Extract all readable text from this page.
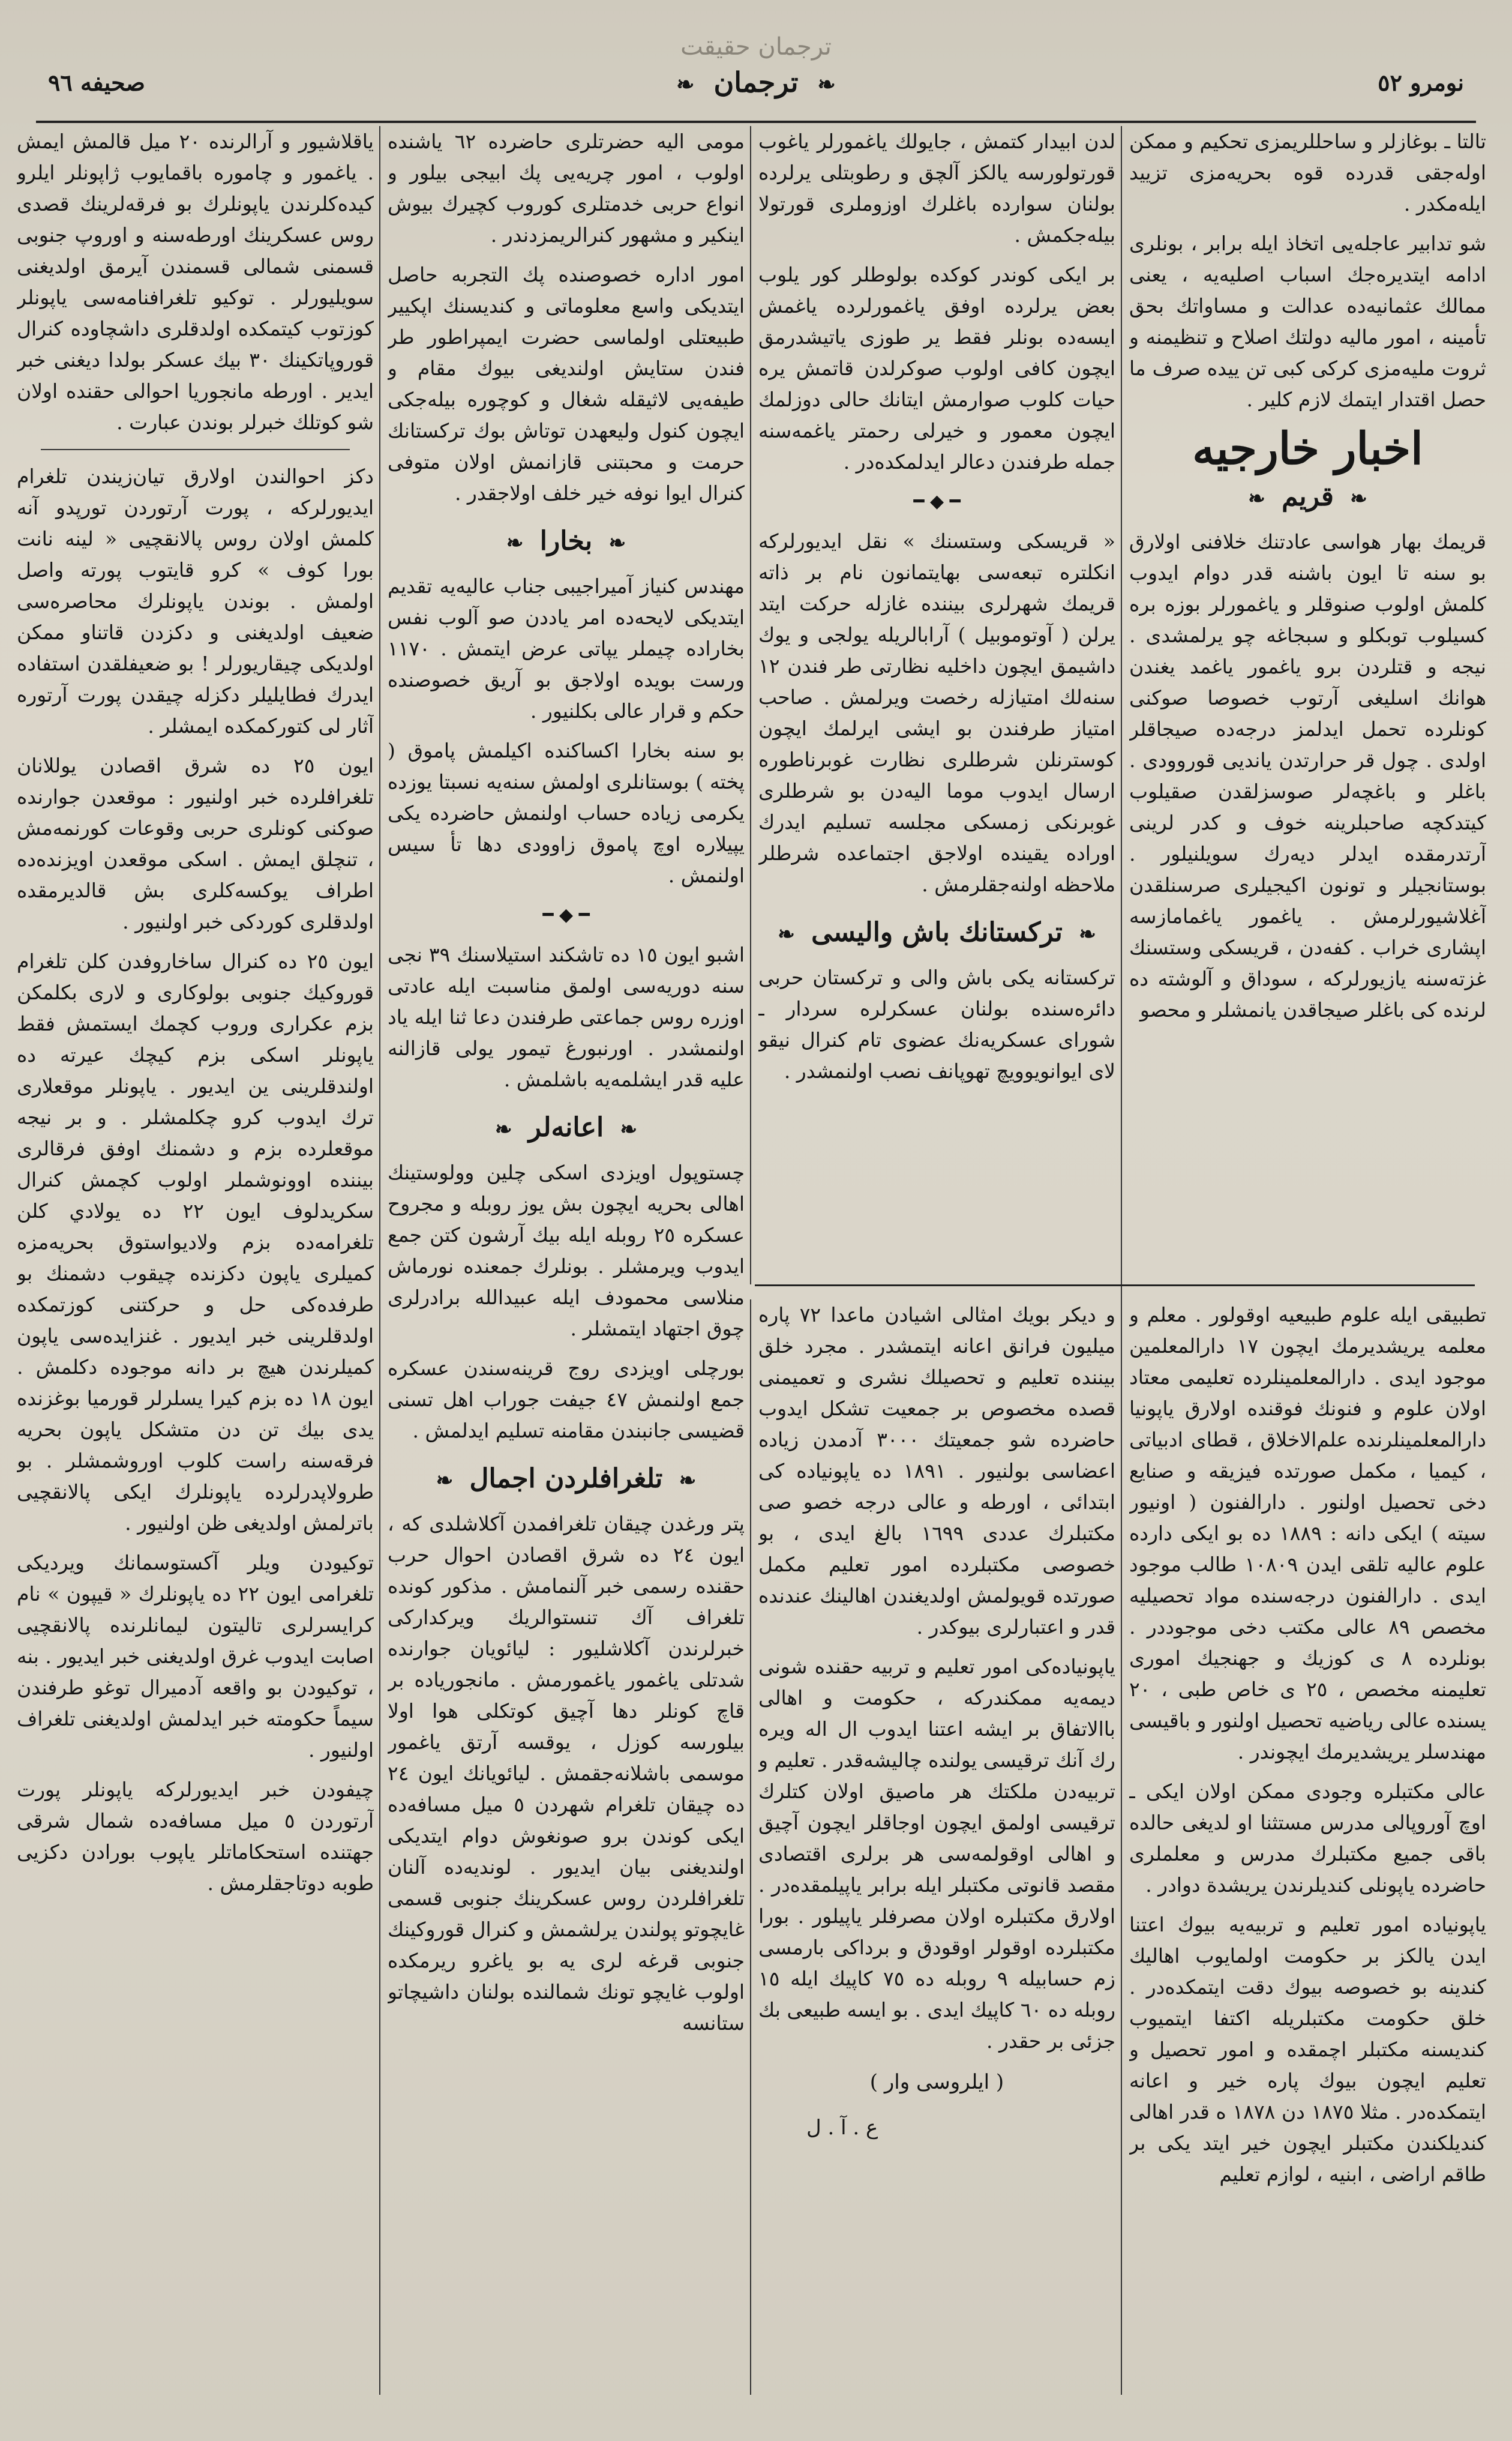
ترجمان حقيقت
نومرو ٥٢
❧ ترجمان ❧
صحيفه ٩٦

تالتا ـ بوغازلر و ساحللريمزى تحكيم و ممكن اوله‌جقى قدرده قوه بحريه‌مزى تزييد ايله‌مكدر .

شو تدابير عاجله‌يى اتخاذ ايله برابر ، بونلرى ادامه ايتديره‌جك اسباب اصليه‌يه ، يعنى ممالك عثمانيه‌ده عدالت و مساواتك بحق تأمينه ، امور ماليه دولتك اصلاح و تنظيمنه و ثروت مليه‌مزى كركى كبى تن‌ ييده صرف ما حصل اقتدار ايتمك لازم كلير .

اخبار خارجيه
❧ قريم ❧

قريمك بهار هواسى عادتنك خلافنى اولارق بو سنه تا ايون باشنه قدر دوام ايدوب كلمش اولوب صنوقلر و ياغمورلر بوزه بره كسيلوب توبكلو و سبجاغه چو‌ يرلمشدى . نيجه و قتلردن برو ياغمور ياغمد يغندن هوانك اسليغى آرتوب خصوصا صوكنى كونلرده تحمل ايدلمز درجه‌ده صيجاقلر اولدى . چول قر حرارتدن يانديى قوروودى . باغلر و باغچه‌لر صوسزلقدن صقيلوب كيتد‌كچه صاحبلرينه خوف و كدر‌ لرينى آرتدرمقده ايدلر ديه‌رك سويلنيلور . بوستانجيلر و تونون اكيجيلرى صرسنلقدن آغلاشيورلرمش . ياغمور ياغمامازسه اپشارى خراب . كفه‌دن ، قريسكى وستسنك غزته‌سنه يازيورلركه ، سوداق و آلوشته ده‌ لرنده كى باغلر صيجاقدن يانمشلر و محصو‌

تطبيقى ايله علوم طبيعيه اوقولور . معلم و معلمه يريشديرمك ايچون ١٧ دارالمعلمين موجود ايدى . دارالمعلمينلرده تعليمى معتاد اولان علوم و فنونك فوقنده اولارق ياپونيا دارالمعلمينلرنده علم‌الاخلاق ، قطاى ادبياتى ، كيميا ، مكمل صورتده فيزيقه و صنايع دخى تحصيل اولنور . دارالفنون ( اونيور سيته ) ايكى دانه : ١٨٨٩ ده بو ايكى دارده علوم عاليه تلقى ايدن ١٠٨٠٩ طالب موجود ايدى . دارالفنون درجه‌سنده مواد تحصيليه مخصص ٨٩ عالى مكتب دخى موجوددر . بونلرده ٨ ى كوزيك و جهنجيك امورى تعليمنه مخصص ، ٢٥ ى خاص طبى ، ٢٠ يسنده عالى رياضيه تحصيل اولنور و باقيسى مهندسلر يريشديرمك ايچوندر .

عالى مكتبلره وجودى ممكن اولان ايكى ـ اوچ آوروپالى مدرس مستثنا او‌ لديغى حالده باقى جميع مكتبلرك مدرس و معلملرى حاضرده ياپونلى كند‌يلرندن يريشدة دوادر .

ياپونياده امور تعليم و تربيه‌يه بيوك اعتنا ايدن يالكز بر حكومت اولمايوب اهاليك كندينه بو خصوصه بيوك دقت ايتمكده‌در . خلق حكومت مكتبلريله اكتفا ايتميوب كنديسنه مكتبلر اچمقده و امور تحصيل و تعليم ايچون بيوك پاره خير و اعانه ايتمكده‌در . مثلا ١٨٧٥ دن ١٨٧٨ ه قدر اهالى كنديلكندن مكتبلر ايچون خير ايتد‌ يكى بر طاقم اراضى ، ابنيه ، لوازم تعليم

لدن ابيدار كتمش ، جايولك ياغمورلر ياغوب قورتولورسه يالكز آلچق و رطوبتلى يرلرده بولنان سوارده باغلرك اوزوملرى قورتولا بيله‌جكمش .

بر ايكى كوندر كوكده بولوطلر كور‌ يلوب بعض يرلرده اوفق ياغمورلرده ياغمش ايسه‌ده بونلر فقط ير طوزى ياتيشدرمق ايچون كافى اولوب صوكرلدن قاتمش يره حيات كلوب صوارمش ايتانك حالى دوزلمك ايچون معمور و خيرلى رحمتر ياغمه‌سنه جمله طرفندن دعالر ايدلمكده‌در .

━ ◆ ━

« قريسكى وستسنك » نقل ايديورلركه انكلتره تبعه‌سى بهايتمانون نام بر ذاته قريمك شهرلرى بيننده غازله حركت ايتد‌ يرلن ( آوتوموبيل ) آرابالريله يولجى و يوك داشيمق ايچون داخليه نظارتى طر‌ فندن ١٢ سنه‌لك امتيازله رخصت ويرلمش . صاحب امتياز طرفندن بو ايشى ايرلمك ايچون كوسترنلن شرطلرى نظارت غوبرناطوره ارسال ايدوب موما اليه‌دن بو شرطلرى غوبرنكى زمسكى مجلسه تسليم ايدرك اوراده يقينده اولاجق اجتماعده شرطلر ملاحظه اولنه‌جقلرمش .

❧ تركستانك باش واليسى ❧

تركستانه يكى باش والى و تركستان حربى دائره‌سنده بولنان عسكرلره سردار ـ شوراى عسكريه‌نك عضوى تام كنرال نيقو‌ لاى ايوانويوويچ تهوپانف نصب اولنمشدر .

و ديكر بويك امثالى اشيادن ماعدا ٧٢ پاره ميليون فرانق اعانه ايتمشدر . مجرد خلق بيننده تعليم و تحصيلك نشرى و تعميمنى قصده مخصوص بر جمعيت تشكل ايدوب حاضرده شو جمعيتك ٣٠٠٠ آدمدن زياده اعضاسى بولنيور . ١٨٩١ ده ياپونياده كى ابتدائى ، اورطه و عالى درجه خصو‌ صى مكتبلرك عددى ١٦٩٩ بالغ ايدى ، بو خصوصى مكتبلرده امور تعليم مكمل صورتده قويولمش اولديغندن اهالينك عندنده قدر و اعتبارلرى بيوكدر .

ياپونياده‌كى امور تعليم و تربيه حقنده شونى ديمه‌يه ممكندركه ، حكومت و اهالى باالاتفاق بر ايشه اعتنا ايدوب ال اله ويره‌ رك آنك ترقيسى يولنده چاليشه‌قدر . تعليم و تربيه‌دن ملكتك هر ماصيق اولان كتلرك ترقيسى اولمق ايچون اوجاقلر ايچون آچيق و اهالى اوقولمه‌سى هر برلرى اقتصادى مقصد قانوتى مكتبلر ايله برابر ياپيلمقده‌در . اولارق مكتبلره اولان مصرفلر ياپيلور . بورا مكتبلرده اوقولر اوقودق و برداكى بارمسى زم حسابيله ٩ روبله ده ٧٥ كاپيك ايله ١٥ روبله ده ٦٠ كاپيك ايدى . بو ايسه طبيعى بك جزئى بر حقدر .

( ايلروسى وار )
ع . آ . ل

مومى اليه حضرتلرى حاضرده ٦٢ ياشنده اولوب ، امور چريه‌يى پك ابيجى بيلور و انواع حربى خدمتلرى كوروب كچيرك بيوش اينكير و مشهور كنرالريمزدندر .

امور اداره خصوصنده پك التجربه حاصل ايتديكى واسع معلوماتى و كنديسنك اپكيير طبيعتلى اولماسى حضرت ايمپراطور طر‌ فندن ستايش اولنديغى بيوك مقام و طيفه‌يى لاثيقله شغال و كوچوره بيله‌جكى ايچون كنول وليعهدن توتاش بوك تركستانك حرمت و محبتنى قازانمش اولان متوفى كنرال ايوا‌ نوفه خير خلف اولاجقدر .

❧ بخارا ❧

مهندس كنياز آميراجيبى جناب عاليه‌يه تقديم ايتديكى لايحه‌ده امر ياددن صو آلوب نفس بخاراده چيملر يپاتى عرض ايتمش . ١١٧٠ ورست بويده اولاجق بو آريق خصوصنده حكم و قرار عالى بكلنيور .

بو سنه بخارا اكساكنده اكيلمش پاموق ( پخته ) بوستانلرى اولمش سنه‌يه نسبتا يوزده يكرمى زياده حساب اولنمش حاضرده يكى يپيلاره اوچ پاموق زاوودى دها تأ‌ سيس اولنمش .

━ ◆ ━

اشبو ايون ١٥ ده تاشكند استيلاسنك ٣٩ نجى سنه دوريه‌سى اولمق مناسبت ايله عادتى اوزره روس جماعتى طرفندن دعا ثنا ايله ياد اولنمشدر . اورنبورغ تيمور يولى قازالنه عليه قدر ايشلمه‌يه باشلمش .

❧ اعانه‌لر ❧

چستوپول اويزدى اسكى چلين وولوستينك اهالى بحريه ايچون بش يوز روبله و مجروح عسكره ٢٥ روبله ايله بيك آرشون كتن جمع ايدوب ويرمشلر . بونلرك جمعنده نورماش منلاسى محمودف ايله عبيدالله برادرلرى چوق اجتهاد ايتمشلر .

بورچلى اويزدى روج قرينه‌سندن عسكره جمع اولنمش ٤٧ جيفت جوراب اهل تسنى قضيسى جانبندن مقامنه تسليم ايدلمش .

❧ تلغرافلردن اجمال ❧

پتر ورغدن چيقان تلغرافمدن آكلاشلدى كه ، ايون ٢٤ ده شرق اقصادن احوال حرب حقنده رسمى خبر آلنمامش . مذكور كونده تلغراف آك تنستوالريك ويركداركى خبرلرندن آكلاشليور : ليائويان جوارنده شدتلى ياغمور ياغمورمش . مانجورياده بر قاچ كونلر دها آچيق كوتكلى هوا اولا بيلورسه كوزل ، يوقسه آرتق ياغمور موسمى باشلانه‌جقمش . ليائويانك ايون ٢٤ ده چيقان تلغرام شهردن ٥ ميل مسافه‌ده ايكى كوندن برو صونغوش دوام ايتديكى اولنديغنى بيان ايديور . لونديه‌ده آلنان تلغرافلردن روس عسكرينك جنوبى قسمى غايچوتو پولندن يرلشمش و كنرال قوروكينك جنوبى قرغه لرى يه بو ياغرو ريرمكده اولوب غايچو تونك شمالنده بولنان داشيچاتو ستانسه

ياقلاشيور و آرالرنده ٢٠ ميل قالمش ايمش . ياغمور و چاموره باقمايوب ژاپونلر ايلرو كيده‌كلرندن ياپونلرك بو فرقه‌لرينك قصدى روس عسكرينك اورطه‌سنه و اوروپ جنوبى قسمنى شمالى قسمندن آيرمق اولديغنى سويليورلر . توكيو تلغرافنامه‌سى ياپونلر كوزتوب كيتمكده اولدقلرى داشچاوده كنرال قوروپاتكينك ٣٠ بيك عسكر بولدا ديغنى خبر ايدير . اورطه مانجوريا احوالى حقنده اولان شو كوتلك خبرلر بوندن عبارت .

دكز احوالندن اولارق تيان‌زيندن تلغرام ايديورلركه ، پورت آرتوردن تورپدو آنه كلمش اولان روس پالانقچيى « لينه نانت بورا كوف » كرو قايتوب پورته واصل اولمش . بوندن ياپونلرك محاصره‌سى ضعيف اولديغنى و دكزدن قاتناو ممكن اولديكى چيقاريورلر ! بو ضعيفلقدن استفاده ايدرك فطايليلر دكزله چيقدن پورت آرتوره آثار لى كتوركمكده ايمشلر .

ايون ٢٥ ده شرق اقصادن يوللانان تلغرافلرده خبر اولنيور : موقعدن جوارنده صوكنى كونلرى حربى وقوعات كورنمه‌مش ، تنچلق ايمش . اسكى موقعدن اويزنده‌ده اطراف يوكسه‌كلرى بش قالديرمقده اولدقلرى كوردكى خبر اولنيور .

ايون ٢٥ ده كنرال ساخاروفدن كلن تلغرام قوروكيك جنوبى بولوكارى و‌ لارى بكلمكن بزم عكرارى وروب كچمك ايستمش فقط ياپونلر اسكى بزم كيچك عيرته ده اولندقلرينى ين ايديور . ياپونلر موقعلارى ترك ايدوب كرو چكلمشلر . و بر نيجه موقعلرده بزم و دشمنك اوفق فرقالرى بيننده اوونوشملر اولوب كچمش كنرال سكريدلوف ايون ٢٢ ده يولادي كلن تلغرامه‌ده بزم ولاديواستوق بحريه‌مزه كميلرى ياپون دكزنده چيقوب دشمنك بو طرفده‌كى حل و حركتنى كوزتمكده اولدقلرينى خبر ايديور . غنزايده‌سى ياپون كميلرندن هيچ بر دانه موجوده دكلمش . ايون ١٨ ده بزم كيرا يسلرلر قورميا بوغزنده يدى بيك تن دن متشكل ياپون بحريه فرقه‌سنه راست كلوب اوروشمشلر . بو طرولاپدرلرده ياپونلرك ايكى پالانقچيى باترلمش اولديغى ظن اولنيور .

توكيودن ويلر آكستوسمانك ويرديكى تلغرامى ايون ٢٢ ده ياپونلرك « قيپون » نام كرايسرلرى تاليتون ليمانلرنده پالانقچيى اصابت ايدوب غرق اولديغنى خبر ايديور . بنه ، توكيودن بو واقعه آدميرال توغو طرفندن سيماً حكومته خبر ايدلمش اولديغنى تلغراف اولنيور .

چيفودن خبر ايديورلركه ياپونلر پورت آرتوردن ٥ ميل مسافه‌ده شمال شرقى جهتنده استحكاماتلر ياپوب بورادن دكزيى طوبه دوتاجقلرمش .
